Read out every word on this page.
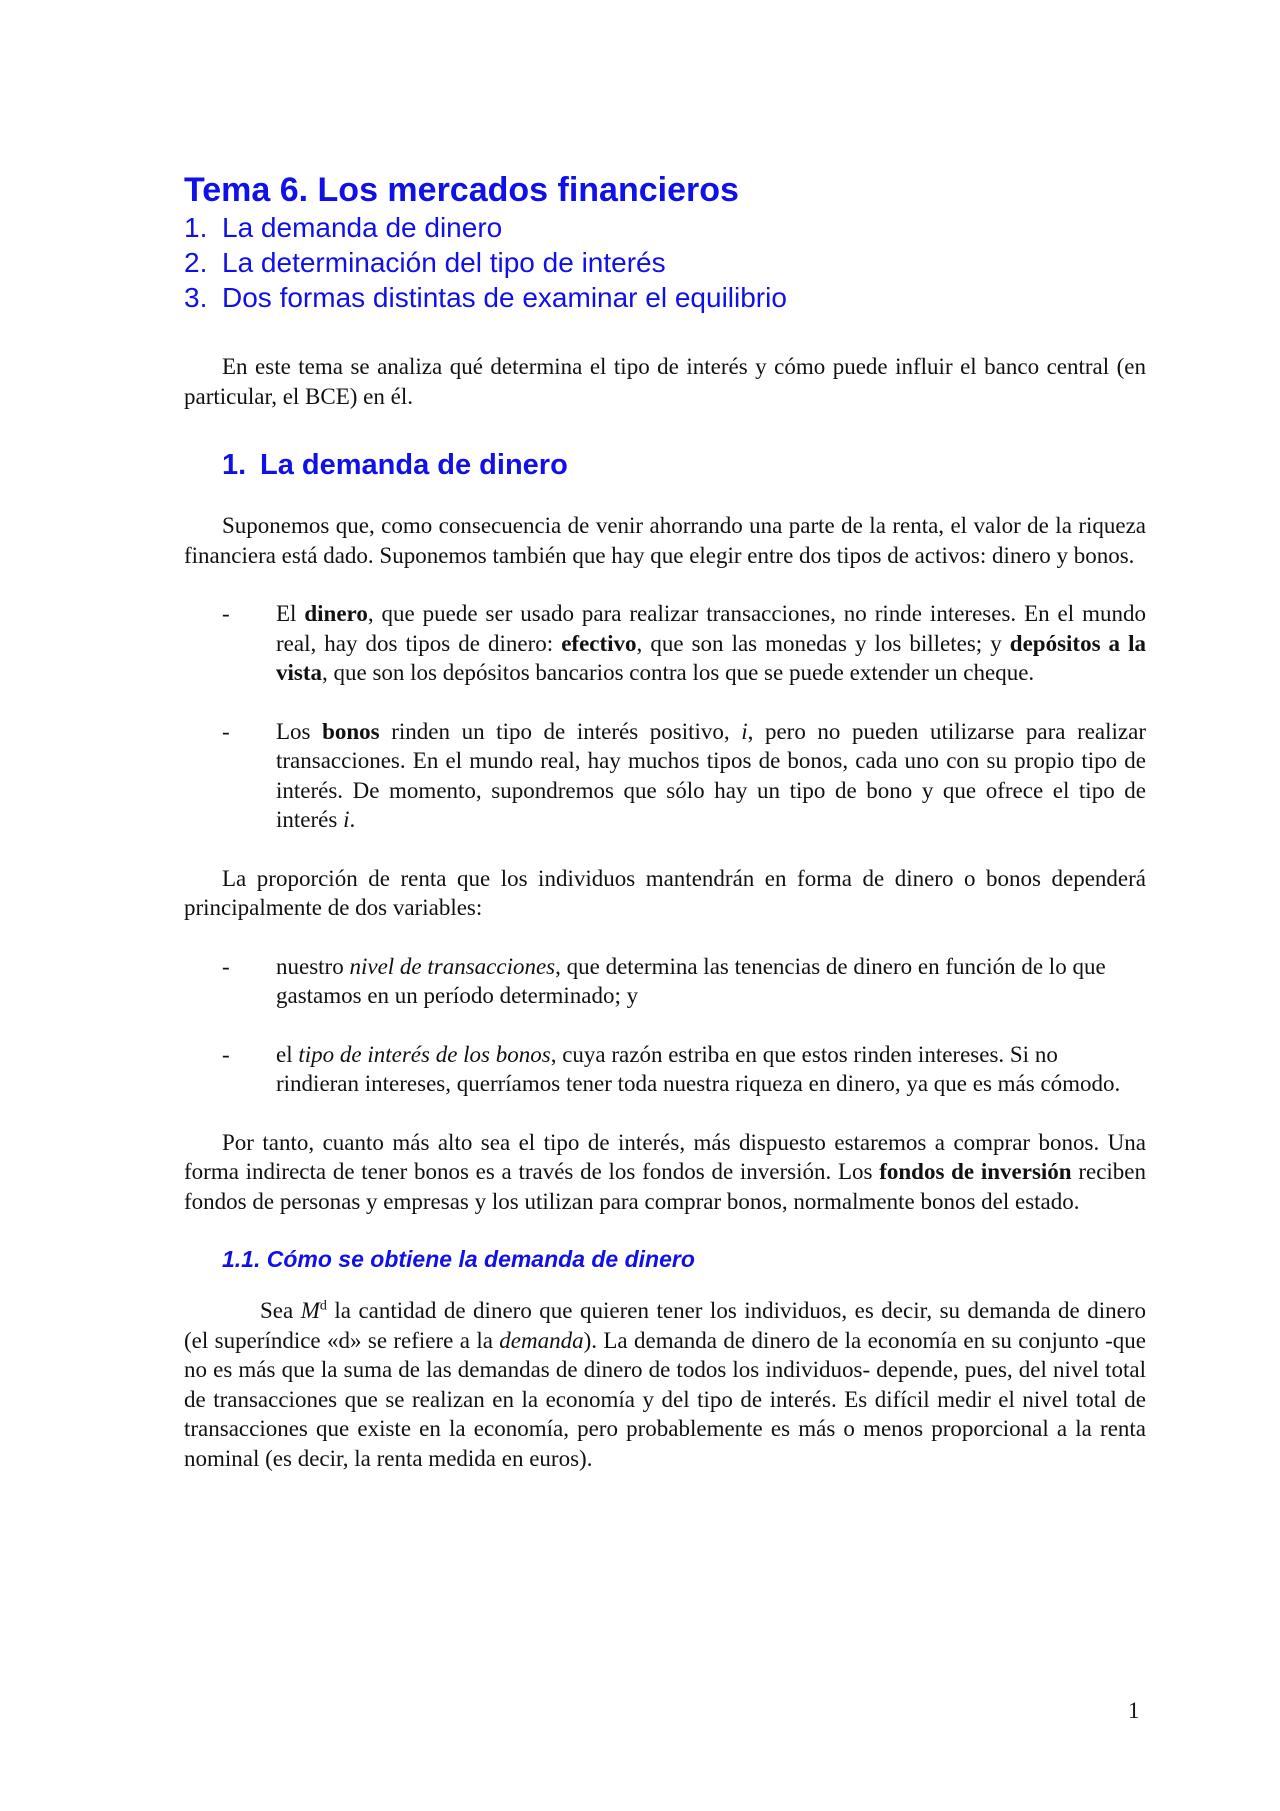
Tema 6. Los mercados financieros
1. La demanda de dinero
2. La determinación del tipo de interés
3. Dos formas distintas de examinar el equilibrio

En este tema se analiza qué determina el tipo de interés y cómo puede influir el banco central (en particular, el BCE) en él.

1. La demanda de dinero

Suponemos que, como consecuencia de venir ahorrando una parte de la renta, el valor de la riqueza financiera está dado. Suponemos también que hay que elegir entre dos tipos de activos: dinero y bonos.

-	El dinero, que puede ser usado para realizar transacciones, no rinde intereses. En el mundo real, hay dos tipos de dinero: efectivo, que son las monedas y los billetes; y depósitos a la vista, que son los depósitos bancarios contra los que se puede extender un cheque.

-	Los bonos rinden un tipo de interés positivo, i, pero no pueden utilizarse para realizar transacciones. En el mundo real, hay muchos tipos de bonos, cada uno con su propio tipo de interés. De momento, supondremos que sólo hay un tipo de bono y que ofrece el tipo de interés i.

La proporción de renta que los individuos mantendrán en forma de dinero o bonos dependerá principalmente de dos variables:

-	nuestro nivel de transacciones, que determina las tenencias de dinero en función de lo que gastamos en un período determinado; y

-	el tipo de interés de los bonos, cuya razón estriba en que estos rinden intereses. Si no rindieran intereses, querríamos tener toda nuestra riqueza en dinero, ya que es más cómodo.

Por tanto, cuanto más alto sea el tipo de interés, más dispuesto estaremos a comprar bonos. Una forma indirecta de tener bonos es a través de los fondos de inversión. Los fondos de inversión reciben fondos de personas y empresas y los utilizan para comprar bonos, normalmente bonos del estado.

1.1. Cómo se obtiene la demanda de dinero

Sea $M^d$ la cantidad de dinero que quieren tener los individuos, es decir, su demanda de dinero (el superíndice «d» se refiere a la demanda). La demanda de dinero de la economía en su conjunto -que no es más que la suma de las demandas de dinero de todos los individuos- depende, pues, del nivel total de transacciones que se realizan en la economía y del tipo de interés. Es difícil medir el nivel total de transacciones que existe en la economía, pero probablemente es más o menos proporcional a la renta nominal (es decir, la renta medida en euros).

1
